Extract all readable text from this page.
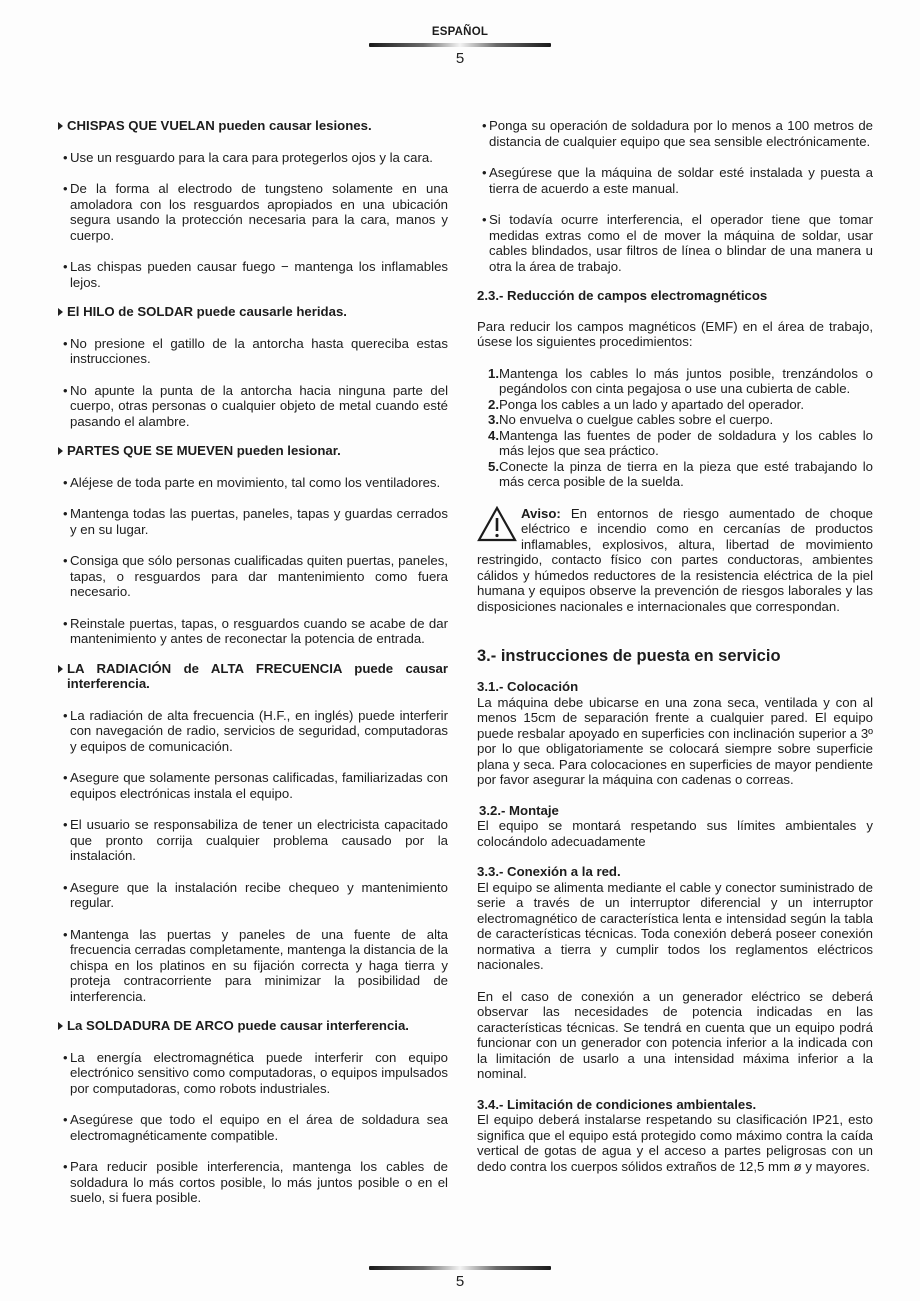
ESPAÑOL
5
CHISPAS QUE VUELAN pueden causar lesiones.
• Use un resguardo para la cara para protegerlos ojos y la cara.
• De la forma al electrodo de tungsteno solamente en una amoladora con los resguardos apropiados en una ubicación segura usando la protección necesaria para la cara, manos y cuerpo.
• Las chispas pueden causar fuego − mantenga los inflamables lejos.
El HILO de SOLDAR puede causarle heridas.
• No presione el gatillo de la antorcha hasta quereciba estas instrucciones.
• No apunte la punta de la antorcha hacia ninguna parte del cuerpo, otras personas o cualquier objeto de metal cuando esté pasando el alambre.
PARTES QUE SE MUEVEN pueden lesionar.
• Aléjese de toda parte en movimiento, tal como los ventiladores.
• Mantenga todas las puertas, paneles, tapas y guardas cerrados y en su lugar.
• Consiga que sólo personas cualificadas quiten puertas, paneles, tapas, o resguardos para dar mantenimiento como fuera necesario.
• Reinstale puertas, tapas, o resguardos cuando se acabe de dar mantenimiento y antes de reconectar la potencia de entrada.
LA RADIACIÓN de ALTA FRECUENCIA puede causar interferencia.
• La radiación de alta frecuencia (H.F., en inglés) puede interferir con navegación de radio, servicios de seguridad, computadoras y equipos de comunicación.
• Asegure que solamente personas calificadas, familiarizadas con equipos electrónicas instala el equipo.
• El usuario se responsabiliza de tener un electricista capacitado que pronto corrija cualquier problema causado por la instalación.
• Asegure que la instalación recibe chequeo y mantenimiento regular.
• Mantenga las puertas y paneles de una fuente de alta frecuencia cerradas completamente, mantenga la distancia de la chispa en los platinos en su fijación correcta y haga tierra y proteja contracorriente para minimizar la posibilidad de interferencia.
La SOLDADURA DE ARCO puede causar interferencia.
• La energía electromagnética puede interferir con equipo electrónico sensitivo como computadoras, o equipos impulsados por computadoras, como robots industriales.
• Asegúrese que todo el equipo en el área de soldadura sea electromagnéticamente compatible.
• Para reducir posible interferencia, mantenga los cables de soldadura lo más cortos posible, lo más juntos posible o en el suelo, si fuera posible.
• Ponga su operación de soldadura por lo menos a 100 metros de distancia de cualquier equipo que sea sensible electrónicamente.
• Asegúrese que la máquina de soldar esté instalada y puesta a tierra de acuerdo a este manual.
• Si todavía ocurre interferencia, el operador tiene que tomar medidas extras como el de mover la máquina de soldar, usar cables blindados, usar filtros de línea o blindar de una manera u otra la área de trabajo.
2.3.- Reducción de campos electromagnéticos
Para reducir los campos magnéticos (EMF) en el área de trabajo, úsese los siguientes procedimientos:
1. Mantenga los cables lo más juntos posible, trenzándolos o pegándolos con cinta pegajosa o use una cubierta de cable.
2. Ponga los cables a un lado y apartado del operador.
3. No envuelva o cuelgue cables sobre el cuerpo.
4. Mantenga las fuentes de poder de soldadura y los cables lo más lejos que sea práctico.
5. Conecte la pinza de tierra en la pieza que esté trabajando lo más cerca posible de la suelda.
Aviso: En entornos de riesgo aumentado de choque eléctrico e incendio como en cercanías de productos inflamables, explosivos, altura, libertad de movimiento restringido, contacto físico con partes conductoras, ambientes cálidos y húmedos reductores de la resistencia eléctrica de la piel humana y equipos observe la prevención de riesgos laborales y las disposiciones nacionales e internacionales que correspondan.
3.- instrucciones de puesta en servicio
3.1.- Colocación
La máquina debe ubicarse en una zona seca, ventilada y con al menos 15cm de separación frente a cualquier pared. El equipo puede resbalar apoyado en superficies con inclinación superior a 3º por lo que obligatoriamente se colocará siempre sobre superficie plana y seca. Para colocaciones en superficies de mayor pendiente por favor asegurar la máquina con cadenas o correas.
3.2.- Montaje
El equipo se montará respetando sus límites ambientales y colocándolo adecuadamente
3.3.- Conexión a la red.
El equipo se alimenta mediante el cable y conector suministrado de serie a través de un interruptor diferencial y un interruptor electromagnético de característica lenta e intensidad según la tabla de características técnicas. Toda conexión deberá poseer conexión normativa a tierra y cumplir todos los reglamentos eléctricos nacionales.
En el caso de conexión a un generador eléctrico se deberá observar las necesidades de potencia indicadas en las características técnicas. Se tendrá en cuenta que un equipo podrá funcionar con un generador con potencia inferior a la indicada con la limitación de usarlo a una intensidad máxima inferior a la nominal.
3.4.- Limitación de condiciones ambientales.
El equipo deberá instalarse respetando su clasificación IP21, esto significa que el equipo está protegido como máximo contra la caída vertical de gotas de agua y el acceso a partes peligrosas con un dedo contra los cuerpos sólidos extraños de 12,5 mm ø y mayores.
5
